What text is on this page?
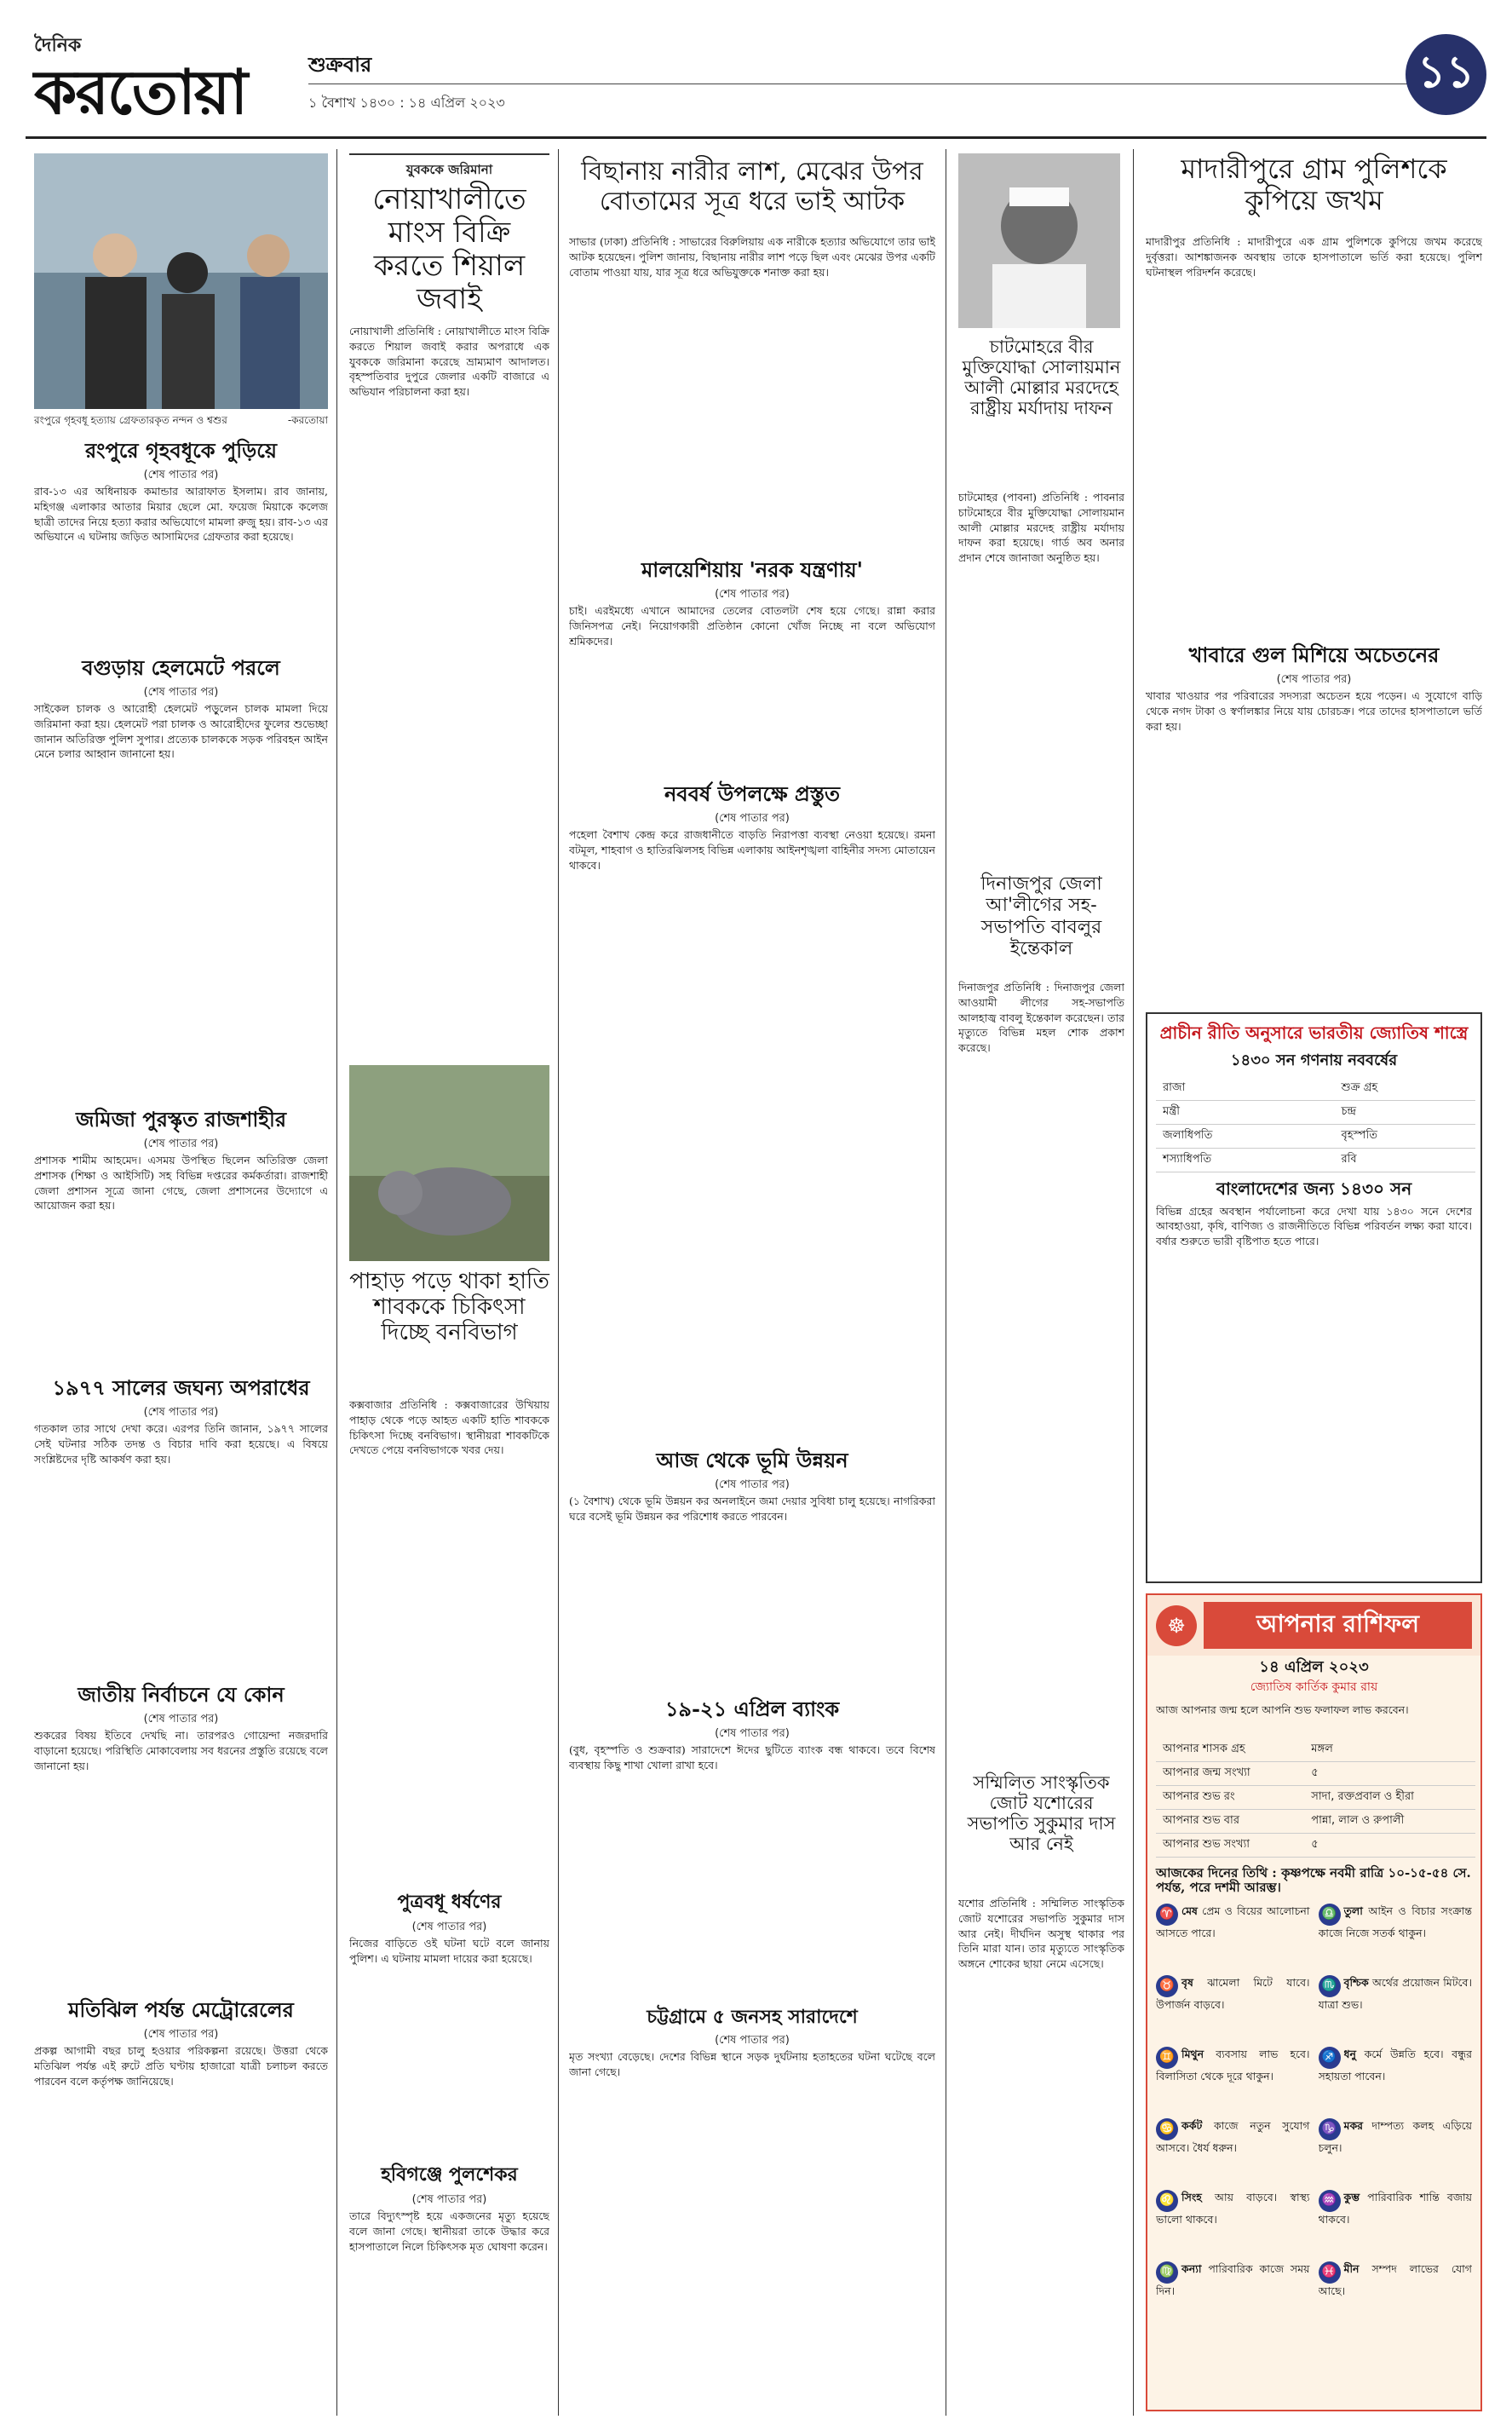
দৈনিক
করতোয়া	শুক্রবার
১ বৈশাখ ১৪৩০ : ১৪ এপ্রিল ২০২৩
১১
রংপুরে গৃহবধূ হত্যায় গ্রেফতারকৃত নন্দন ও শ্বশুর	-করতোয়া
রংপুরে গৃহবধূকে পুড়িয়ে
(শেষ পাতার পর)
রাব-১৩ এর অধিনায়ক কমান্ডার আরাফাত ইসলাম। রাব জানায়, মহিগঞ্জ এলাকার আতার মিয়ার ছেলে মো. ফয়েজ মিয়াকে কলেজ ছাত্রী তাদের নিয়ে হত্যা করার অভিযোগে মামলা রুজু হয়। রাব-১৩ এর অভিযানে এ ঘটনায় জড়িত আসামিদের গ্রেফতার করা হয়েছে।
বগুড়ায় হেলমেটে পরলে
(শেষ পাতার পর)
সাইকেল চালক ও আরোহী হেলমেট পড়ুলেন চালক মামলা দিয়ে জরিমানা করা হয়। হেলমেট পরা চালক ও আরোহীদের ফুলের শুভেচ্ছা জানান অতিরিক্ত পুলিশ সুপার। প্রত্যেক চালককে সড়ক পরিবহন আইন মেনে চলার আহ্বান জানানো হয়।
জমিজা পুরস্কৃত রাজশাহীর
(শেষ পাতার পর)
প্রশাসক শামীম আহমেদ। এসময় উপস্থিত ছিলেন অতিরিক্ত জেলা প্রশাসক (শিক্ষা ও আইসিটি) সহ বিভিন্ন দপ্তরের কর্মকর্তারা। রাজশাহী জেলা প্রশাসন সূত্রে জানা গেছে, জেলা প্রশাসনের উদ্যোগে এ আয়োজন করা হয়।
১৯৭৭ সালের জঘন্য অপরাধের
(শেষ পাতার পর)
গতকাল তার সাথে দেখা করে। এরপর তিনি জানান, ১৯৭৭ সালের সেই ঘটনার সঠিক তদন্ত ও বিচার দাবি করা হয়েছে। এ বিষয়ে সংশ্লিষ্টদের দৃষ্টি আকর্ষণ করা হয়।
জাতীয় নির্বাচনে যে কোন
(শেষ পাতার পর)
শুকরের বিষয় ইতিবে দেখছি না। তারপরও গোয়েন্দা নজরদারি বাড়ানো হয়েছে। পরিস্থিতি মোকাবেলায় সব ধরনের প্রস্তুতি রয়েছে বলে জানানো হয়।
মতিঝিল পর্যন্ত মেট্রোরেলের
(শেষ পাতার পর)
প্রকল্প আগামী বছর চালু হওয়ার পরিকল্পনা রয়েছে। উত্তরা থেকে মতিঝিল পর্যন্ত এই রুটে প্রতি ঘণ্টায় হাজারো যাত্রী চলাচল করতে পারবেন বলে কর্তৃপক্ষ জানিয়েছে।
যুবককে জরিমানা
নোয়াখালীতে মাংস বিক্রি করতে শিয়াল জবাই
নোয়াখালী প্রতিনিধি : নোয়াখালীতে মাংস বিক্রি করতে শিয়াল জবাই করার অপরাধে এক যুবককে জরিমানা করেছে ভ্রাম্যমাণ আদালত। বৃহস্পতিবার দুপুরে জেলার একটি বাজারে এ অভিযান পরিচালনা করা হয়।
পাহাড় পড়ে থাকা হাতি শাবককে চিকিৎসা দিচ্ছে বনবিভাগ
কক্সবাজার প্রতিনিধি : কক্সবাজারের উখিয়ায় পাহাড় থেকে পড়ে আহত একটি হাতি শাবককে চিকিৎসা দিচ্ছে বনবিভাগ। স্থানীয়রা শাবকটিকে দেখতে পেয়ে বনবিভাগকে খবর দেয়।
পুত্রবধূ ধর্ষণের
(শেষ পাতার পর)
নিজের বাড়িতে ওই ঘটনা ঘটে বলে জানায় পুলিশ। এ ঘটনায় মামলা দায়ের করা হয়েছে।
হবিগঞ্জে পুলশেকর
(শেষ পাতার পর)
তারে বিদ্যুৎস্পৃষ্ট হয়ে একজনের মৃত্যু হয়েছে বলে জানা গেছে। স্থানীয়রা তাকে উদ্ধার করে হাসপাতালে নিলে চিকিৎসক মৃত ঘোষণা করেন।
বিছানায় নারীর লাশ, মেঝের উপর বোতামের সূত্র ধরে ভাই আটক
সাভার (ঢাকা) প্রতিনিধি : সাভারের বিরুলিয়ায় এক নারীকে হত্যার অভিযোগে তার ভাই আটক হয়েছেন। পুলিশ জানায়, বিছানায় নারীর লাশ পড়ে ছিল এবং মেঝের উপর একটি বোতাম পাওয়া যায়, যার সূত্র ধরে অভিযুক্তকে শনাক্ত করা হয়।
মালয়েশিয়ায় 'নরক যন্ত্রণায়'
(শেষ পাতার পর)
চাই। এরইমধ্যে এখানে আমাদের তেলের বোতলটা শেষ হয়ে গেছে। রান্না করার জিনিসপত্র নেই। নিয়োগকারী প্রতিষ্ঠান কোনো খোঁজ নিচ্ছে না বলে অভিযোগ শ্রমিকদের।
নববর্ষ উপলক্ষে প্রস্তুত
(শেষ পাতার পর)
পহেলা বৈশাখ কেন্দ্র করে রাজধানীতে বাড়তি নিরাপত্তা ব্যবস্থা নেওয়া হয়েছে। রমনা বটমূল, শাহবাগ ও হাতিরঝিলসহ বিভিন্ন এলাকায় আইনশৃঙ্খলা বাহিনীর সদস্য মোতায়েন থাকবে।
আজ থেকে ভূমি উন্নয়ন
(শেষ পাতার পর)
(১ বৈশাখ) থেকে ভূমি উন্নয়ন কর অনলাইনে জমা দেয়ার সুবিধা চালু হয়েছে। নাগরিকরা ঘরে বসেই ভূমি উন্নয়ন কর পরিশোধ করতে পারবেন।
১৯-২১ এপ্রিল ব্যাংক
(শেষ পাতার পর)
(বুধ, বৃহস্পতি ও শুক্রবার) সারাদেশে ঈদের ছুটিতে ব্যাংক বন্ধ থাকবে। তবে বিশেষ ব্যবস্থায় কিছু শাখা খোলা রাখা হবে।
চট্টগ্রামে ৫ জনসহ সারাদেশে
(শেষ পাতার পর)
মৃত সংখ্যা বেড়েছে। দেশের বিভিন্ন স্থানে সড়ক দুর্ঘটনায় হতাহতের ঘটনা ঘটেছে বলে জানা গেছে।
চাটমোহরে বীর মুক্তিযোদ্ধা সোলায়মান আলী মোল্লার মরদেহে রাষ্ট্রীয় মর্যাদায় দাফন
চাটমোহর (পাবনা) প্রতিনিধি : পাবনার চাটমোহরে বীর মুক্তিযোদ্ধা সোলায়মান আলী মোল্লার মরদেহ রাষ্ট্রীয় মর্যাদায় দাফন করা হয়েছে। গার্ড অব অনার প্রদান শেষে জানাজা অনুষ্ঠিত হয়।
দিনাজপুর জেলা আ'লীগের সহ-সভাপতি বাবলুর ইন্তেকাল
দিনাজপুর প্রতিনিধি : দিনাজপুর জেলা আওয়ামী লীগের সহ-সভাপতি আলহাজ্ব বাবলু ইন্তেকাল করেছেন। তার মৃত্যুতে বিভিন্ন মহল শোক প্রকাশ করেছে।
সম্মিলিত সাংস্কৃতিক জোট যশোরের সভাপতি সুকুমার দাস আর নেই
যশোর প্রতিনিধি : সম্মিলিত সাংস্কৃতিক জোট যশোরের সভাপতি সুকুমার দাস আর নেই। দীর্ঘদিন অসুস্থ থাকার পর তিনি মারা যান। তার মৃত্যুতে সাংস্কৃতিক অঙ্গনে শোকের ছায়া নেমে এসেছে।
মাদারীপুরে গ্রাম পুলিশকে কুপিয়ে জখম
মাদারীপুর প্রতিনিধি : মাদারীপুরে এক গ্রাম পুলিশকে কুপিয়ে জখম করেছে দুর্বৃত্তরা। আশঙ্কাজনক অবস্থায় তাকে হাসপাতালে ভর্তি করা হয়েছে। পুলিশ ঘটনাস্থল পরিদর্শন করেছে।
খাবারে গুল মিশিয়ে অচেতনের
(শেষ পাতার পর)
খাবার খাওয়ার পর পরিবারের সদস্যরা অচেতন হয়ে পড়েন। এ সুযোগে বাড়ি থেকে নগদ টাকা ও স্বর্ণালঙ্কার নিয়ে যায় চোরচক্র। পরে তাদের হাসপাতালে ভর্তি করা হয়।
প্রাচীন রীতি অনুসারে ভারতীয় জ্যোতিষ শাস্ত্রে
১৪৩০ সন গণনায় নববর্ষের
রাজা	শুক্র গ্রহ
মন্ত্রী	চন্দ্র
জলাধিপতি	বৃহস্পতি
শস্যাধিপতি	রবি
বাংলাদেশের জন্য ১৪৩০ সন
বিভিন্ন গ্রহের অবস্থান পর্যালোচনা করে দেখা যায় ১৪৩০ সনে দেশের আবহাওয়া, কৃষি, বাণিজ্য ও রাজনীতিতে বিভিন্ন পরিবর্তন লক্ষ্য করা যাবে। বর্ষার শুরুতে ভারী বৃষ্টিপাত হতে পারে।
☸	আপনার রাশিফল
১৪ এপ্রিল ২০২৩
জ্যোতিষ কার্তিক কুমার রায়
আজ আপনার জন্ম হলে আপনি শুভ ফলাফল লাভ করবেন।
আপনার শাসক গ্রহ	মঙ্গল
আপনার জন্ম সংখ্যা	৫
আপনার শুভ রং	সাদা, রক্তপ্রবাল ও হীরা
আপনার শুভ বার	পান্না, লাল ও রুপালী
আপনার শুভ সংখ্যা	৫
আজকের দিনের তিথি : কৃষ্ণপক্ষে নবমী রাত্রি ১০-১৫-৫৪ সে. পর্যন্ত, পরে দশমী আরম্ভ।
♈ মেষ প্রেম ও বিয়ের আলোচনা আসতে পারে।
♉ বৃষ ঝামেলা মিটে যাবে। উপার্জন বাড়বে।
♊ মিথুন ব্যবসায় লাভ হবে। বিলাসিতা থেকে দূরে থাকুন।
♋ কর্কট কাজে নতুন সুযোগ আসবে। ধৈর্য ধরুন।
♌ সিংহ আয় বাড়বে। স্বাস্থ্য ভালো থাকবে।
♍ কন্যা পারিবারিক কাজে সময় দিন।
♎ তুলা আইন ও বিচার সংক্রান্ত কাজে নিজে সতর্ক থাকুন।
♏ বৃশ্চিক অর্থের প্রয়োজন মিটবে। যাত্রা শুভ।
♐ ধনু কর্মে উন্নতি হবে। বন্ধুর সহায়তা পাবেন।
♑ মকর দাম্পত্য কলহ এড়িয়ে চলুন।
♒ কুম্ভ পারিবারিক শান্তি বজায় থাকবে।
♓ মীন সম্পদ লাভের যোগ আছে।
